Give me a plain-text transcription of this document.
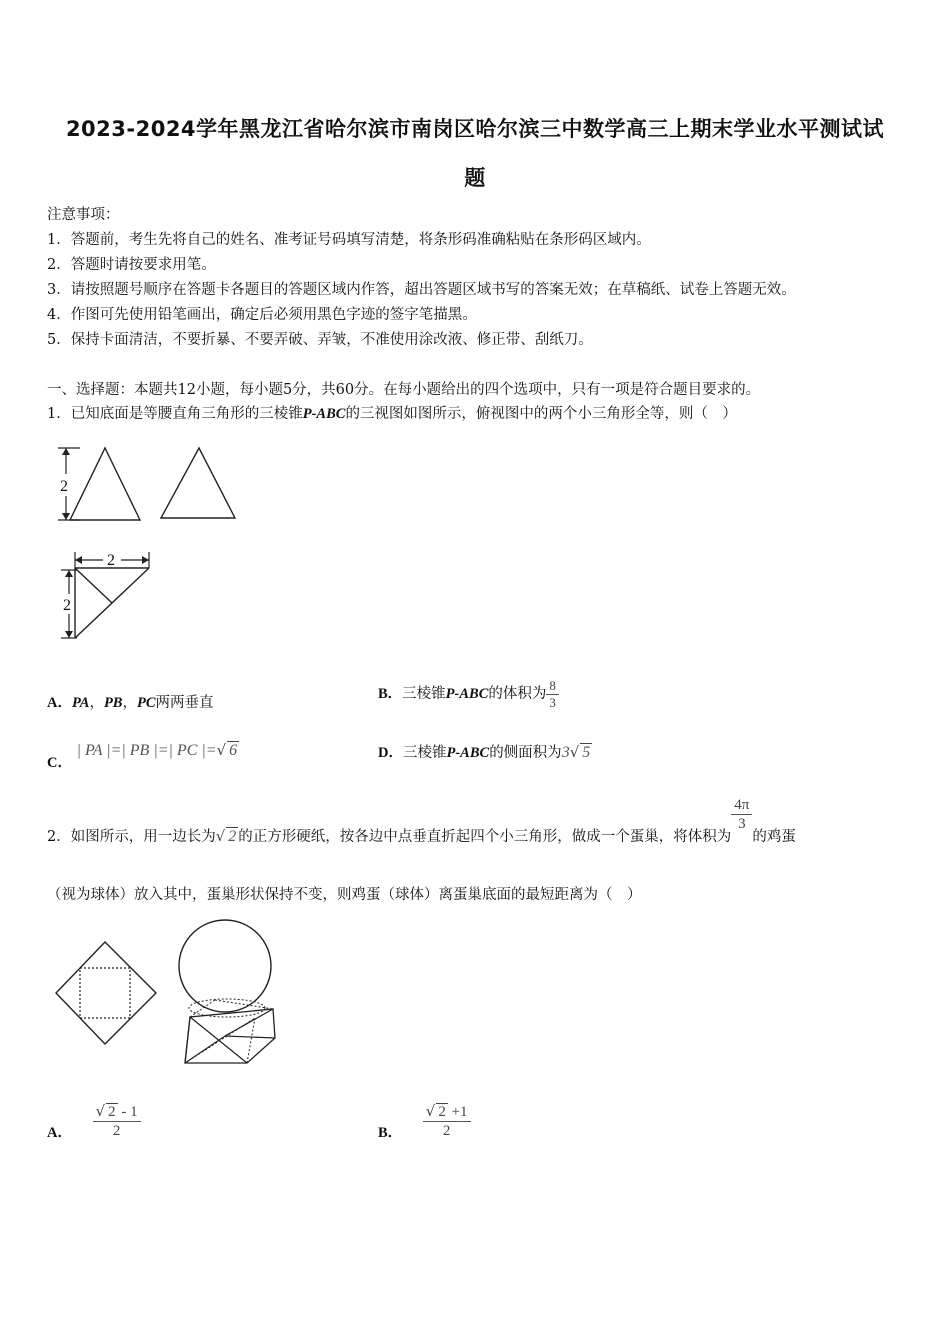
2023-2024学年黑龙江省哈尔滨市南岗区哈尔滨三中数学高三上期末学业水平测试试
题
注意事项：
1．答题前，考生先将自己的姓名、准考证号码填写清楚，将条形码准确粘贴在条形码区域内。
2．答题时请按要求用笔。
3．请按照题号顺序在答题卡各题目的答题区域内作答，超出答题区域书写的答案无效；在草稿纸、试卷上答题无效。
4．作图可先使用铅笔画出，确定后必须用黑色字迹的签字笔描黑。
5．保持卡面清洁，不要折暴、不要弄破、弄皱，不准使用涂改液、修正带、刮纸刀。
一、选择题：本题共12小题，每小题5分，共60分。在每小题给出的四个选项中，只有一项是符合题目要求的。
1．已知底面是等腰直角三角形的三棱锥P-ABC的三视图如图所示，俯视图中的两个小三角形全等，则（　）
2
2
2
A．PA，PB，PC两两垂直
B．三棱锥P-ABC的体积为 $\frac{8}{3}$
C． | PA |=| PB |=| PC |=√ 6	D．三棱锥P-ABC的侧面积为3√ 5
2．如图所示，用一边长为√ 2 的正方形硬纸，按各边中点垂直折起四个小三角形，做成一个蛋巢，将体积为
$\frac{4\pi}{3}$
的鸡蛋
（视为球体）放入其中，蛋巢形状保持不变，则鸡蛋（球体）离蛋巢底面的最短距离为（　）
A． $\frac{√ 2 - 1}{2}$	B． $\frac{√ 2 +1}{2}$
